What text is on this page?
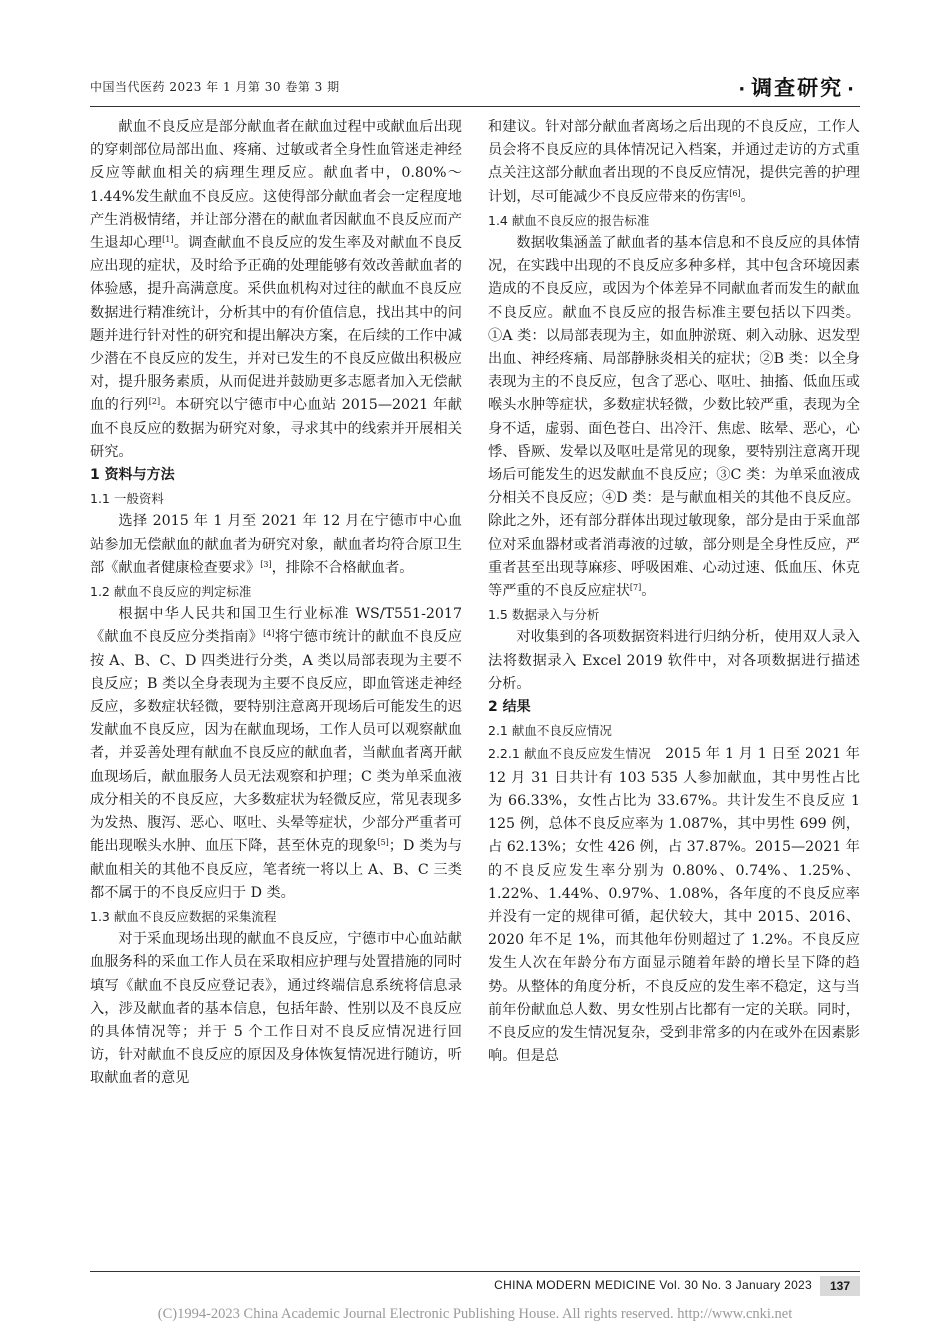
中国当代医药 2023 年 1 月第 30 卷第 3 期	· 调查研究 ·

献血不良反应是部分献血者在献血过程中或献血后出现的穿刺部位局部出血、疼痛、过敏或者全身性血管迷走神经反应等献血相关的病理生理反应。献血者中，0.80%～1.44%发生献血不良反应。这使得部分献血者会一定程度地产生消极情绪，并让部分潜在的献血者因献血不良反应而产生退却心理[1]。调查献血不良反应的发生率及对献血不良反应出现的症状，及时给予正确的处理能够有效改善献血者的体验感，提升高满意度。采供血机构对过往的献血不良反应数据进行精准统计，分析其中的有价值信息，找出其中的问题并进行针对性的研究和提出解决方案，在后续的工作中减少潜在不良反应的发生，并对已发生的不良反应做出积极应对，提升服务素质，从而促进并鼓励更多志愿者加入无偿献血的行列[2]。本研究以宁德市中心血站 2015—2021 年献血不良反应的数据为研究对象，寻求其中的线索并开展相关研究。

1 资料与方法
1.1 一般资料

选择 2015 年 1 月至 2021 年 12 月在宁德市中心血站参加无偿献血的献血者为研究对象，献血者均符合原卫生部《献血者健康检查要求》[3]，排除不合格献血者。

1.2 献血不良反应的判定标准

根据中华人民共和国卫生行业标准 WS/T551-2017《献血不良反应分类指南》[4]将宁德市统计的献血不良反应按 A、B、C、D 四类进行分类，A 类以局部表现为主要不良反应；B 类以全身表现为主要不良反应，即血管迷走神经反应，多数症状轻微，要特别注意离开现场后可能发生的迟发献血不良反应，因为在献血现场，工作人员可以观察献血者，并妥善处理有献血不良反应的献血者，当献血者离开献血现场后，献血服务人员无法观察和护理；C 类为单采血液成分相关的不良反应，大多数症状为轻微反应，常见表现多为发热、腹泻、恶心、呕吐、头晕等症状，少部分严重者可能出现喉头水肿、血压下降，甚至休克的现象[5]；D 类为与献血相关的其他不良反应，笔者统一将以上 A、B、C 三类都不属于的不良反应归于 D 类。

1.3 献血不良反应数据的采集流程

对于采血现场出现的献血不良反应，宁德市中心血站献血服务科的采血工作人员在采取相应护理与处置措施的同时填写《献血不良反应登记表》，通过终端信息系统将信息录入，涉及献血者的基本信息，包括年龄、性别以及不良反应的具体情况等；并于 5 个工作日对不良反应情况进行回访，针对献血不良反应的原因及身体恢复情况进行随访，听取献血者的意见

和建议。针对部分献血者离场之后出现的不良反应，工作人员会将不良反应的具体情况记入档案，并通过走访的方式重点关注这部分献血者出现的不良反应情况，提供完善的护理计划，尽可能减少不良反应带来的伤害[6]。

1.4 献血不良反应的报告标准

数据收集涵盖了献血者的基本信息和不良反应的具体情况，在实践中出现的不良反应多种多样，其中包含环境因素造成的不良反应，或因为个体差异不同献血者而发生的献血不良反应。献血不良反应的报告标准主要包括以下四类。①A 类：以局部表现为主，如血肿淤斑、刺入动脉、迟发型出血、神经疼痛、局部静脉炎相关的症状；②B 类：以全身表现为主的不良反应，包含了恶心、呕吐、抽搐、低血压或喉头水肿等症状，多数症状轻微，少数比较严重，表现为全身不适，虚弱、面色苍白、出冷汗、焦虑、眩晕、恶心，心悸、昏厥、发晕以及呕吐是常见的现象，要特别注意离开现场后可能发生的迟发献血不良反应；③C 类：为单采血液成分相关不良反应；④D 类：是与献血相关的其他不良反应。除此之外，还有部分群体出现过敏现象，部分是由于采血部位对采血器材或者消毒液的过敏，部分则是全身性反应，严重者甚至出现荨麻疹、呼吸困难、心动过速、低血压、休克等严重的不良反应症状[7]。

1.5 数据录入与分析

对收集到的各项数据资料进行归纳分析，使用双人录入法将数据录入 Excel 2019 软件中，对各项数据进行描述分析。

2 结果
2.1 献血不良反应情况

2.2.1 献血不良反应发生情况  2015 年 1 月 1 日至 2021 年 12 月 31 日共计有 103 535 人参加献血，其中男性占比为 66.33%，女性占比为 33.67%。共计发生不良反应 1 125 例，总体不良反应率为 1.087%，其中男性 699 例，占 62.13%；女性 426 例，占 37.87%。2015—2021 年的不良反应发生率分别为 0.80%、0.74%、1.25%、1.22%、1.44%、0.97%、1.08%，各年度的不良反应率并没有一定的规律可循，起伏较大，其中 2015、2016、2020 年不足 1%，而其他年份则超过了 1.2%。不良反应发生人次在年龄分布方面显示随着年龄的增长呈下降的趋势。从整体的角度分析，不良反应的发生率不稳定，这与当前年份献血总人数、男女性别占比都有一定的关联。同时，不良反应的发生情况复杂，受到非常多的内在或外在因素影响。但是总

CHINA MODERN MEDICINE Vol. 30 No. 3 January 2023	137
(C)1994-2023 China Academic Journal Electronic Publishing House. All rights reserved. http://www.cnki.net
